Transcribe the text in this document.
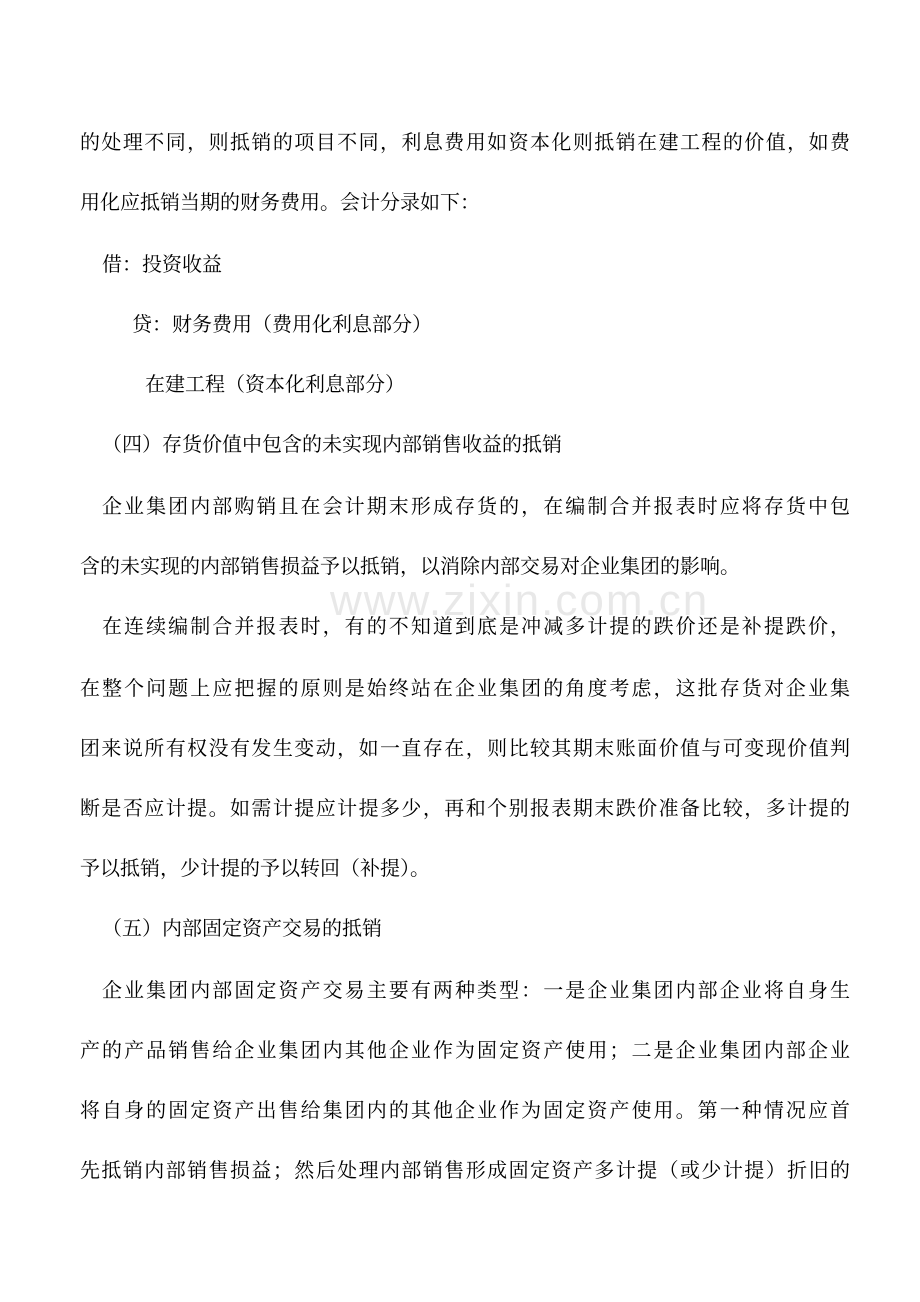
的处理不同，则抵销的项目不同，利息费用如资本化则抵销在建工程的价值，如费
用化应抵销当期的财务费用。会计分录如下：
借：投资收益
贷：财务费用（费用化利息部分）
在建工程（资本化利息部分）
（四）存货价值中包含的未实现内部销售收益的抵销
企业集团内部购销且在会计期末形成存货的，在编制合并报表时应将存货中包
含的未实现的内部销售损益予以抵销，以消除内部交易对企业集团的影响。
在连续编制合并报表时，有的不知道到底是冲减多计提的跌价还是补提跌价，
在整个问题上应把握的原则是始终站在企业集团的角度考虑，这批存货对企业集
团来说所有权没有发生变动，如一直存在，则比较其期末账面价值与可变现价值判
断是否应计提。如需计提应计提多少，再和个别报表期末跌价准备比较，多计提的
予以抵销，少计提的予以转回（补提）。
（五）内部固定资产交易的抵销
企业集团内部固定资产交易主要有两种类型：一是企业集团内部企业将自身生
产的产品销售给企业集团内其他企业作为固定资产使用；二是企业集团内部企业
将自身的固定资产出售给集团内的其他企业作为固定资产使用。第一种情况应首
先抵销内部销售损益；然后处理内部销售形成固定资产多计提（或少计提）折旧的
www.zixin.com.cn
